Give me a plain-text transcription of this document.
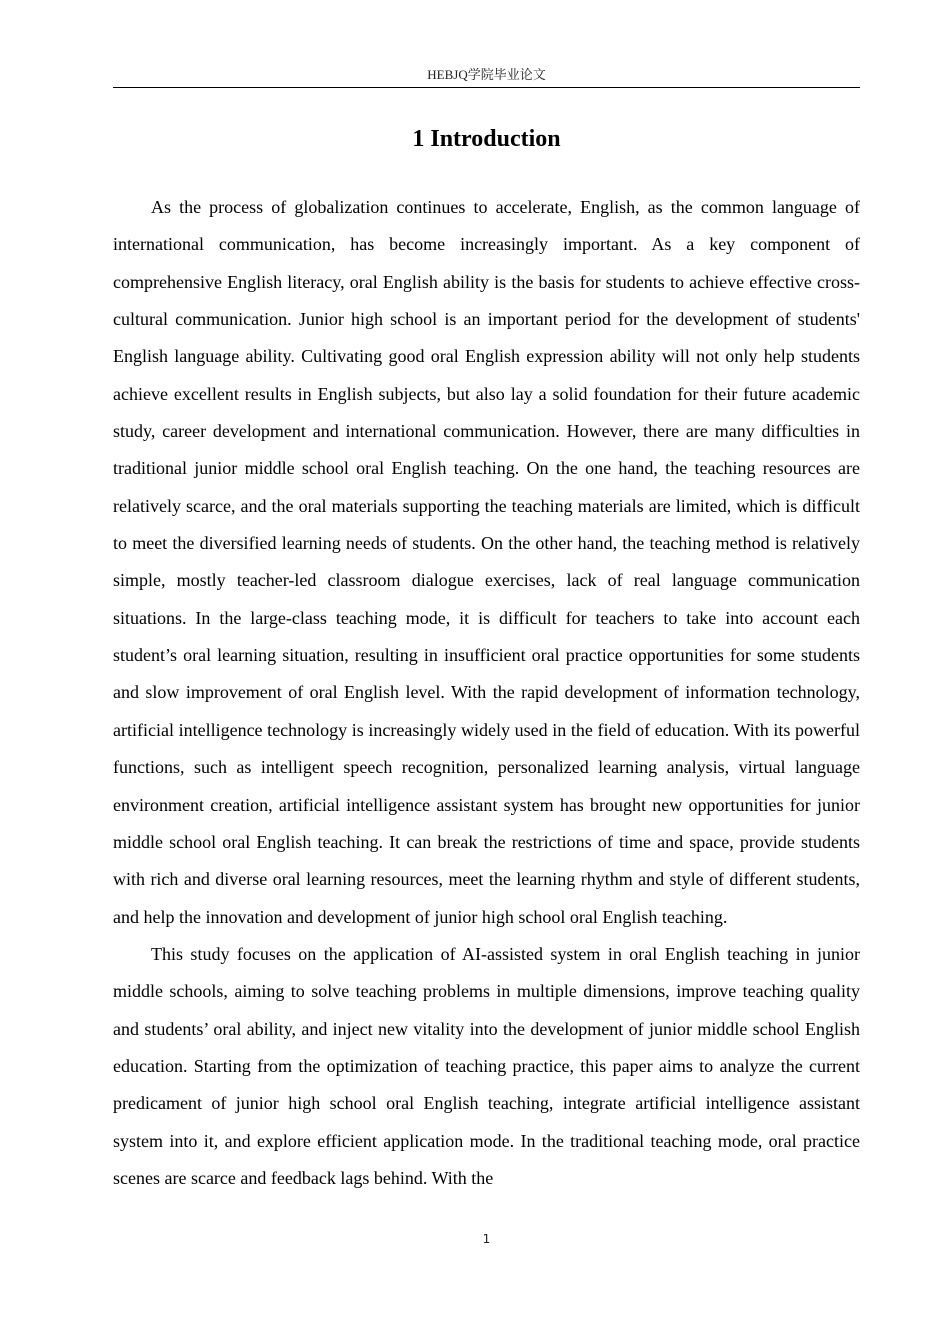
HEBJQ学院毕业论文
1 Introduction

As the process of globalization continues to accelerate, English, as the common language of international communication, has become increasingly important. As a key component of comprehensive English literacy, oral English ability is the basis for students to achieve effective cross-cultural communication. Junior high school is an important period for the development of students' English language ability. Cultivating good oral English expression ability will not only help students achieve excellent results in English subjects, but also lay a solid foundation for their future academic study, career development and international communication. However, there are many difficulties in traditional junior middle school oral English teaching. On the one hand, the teaching resources are relatively scarce, and the oral materials supporting the teaching materials are limited, which is difficult to meet the diversified learning needs of students. On the other hand, the teaching method is relatively simple, mostly teacher-led classroom dialogue exercises, lack of real language communication situations. In the large-class teaching mode, it is difficult for teachers to take into account each student’s oral learning situation, resulting in insufficient oral practice opportunities for some students and slow improvement of oral English level. With the rapid development of information technology, artificial intelligence technology is increasingly widely used in the field of education. With its powerful functions, such as intelligent speech recognition, personalized learning analysis, virtual language environment creation, artificial intelligence assistant system has brought new opportunities for junior middle school oral English teaching. It can break the restrictions of time and space, provide students with rich and diverse oral learning resources, meet the learning rhythm and style of different students, and help the innovation and development of junior high school oral English teaching.

This study focuses on the application of AI-assisted system in oral English teaching in junior middle schools, aiming to solve teaching problems in multiple dimensions, improve teaching quality and students’ oral ability, and inject new vitality into the development of junior middle school English education. Starting from the optimization of teaching practice, this paper aims to analyze the current predicament of junior high school oral English teaching, integrate artificial intelligence assistant system into it, and explore efficient application mode. In the traditional teaching mode, oral practice scenes are scarce and feedback lags behind. With the

1
